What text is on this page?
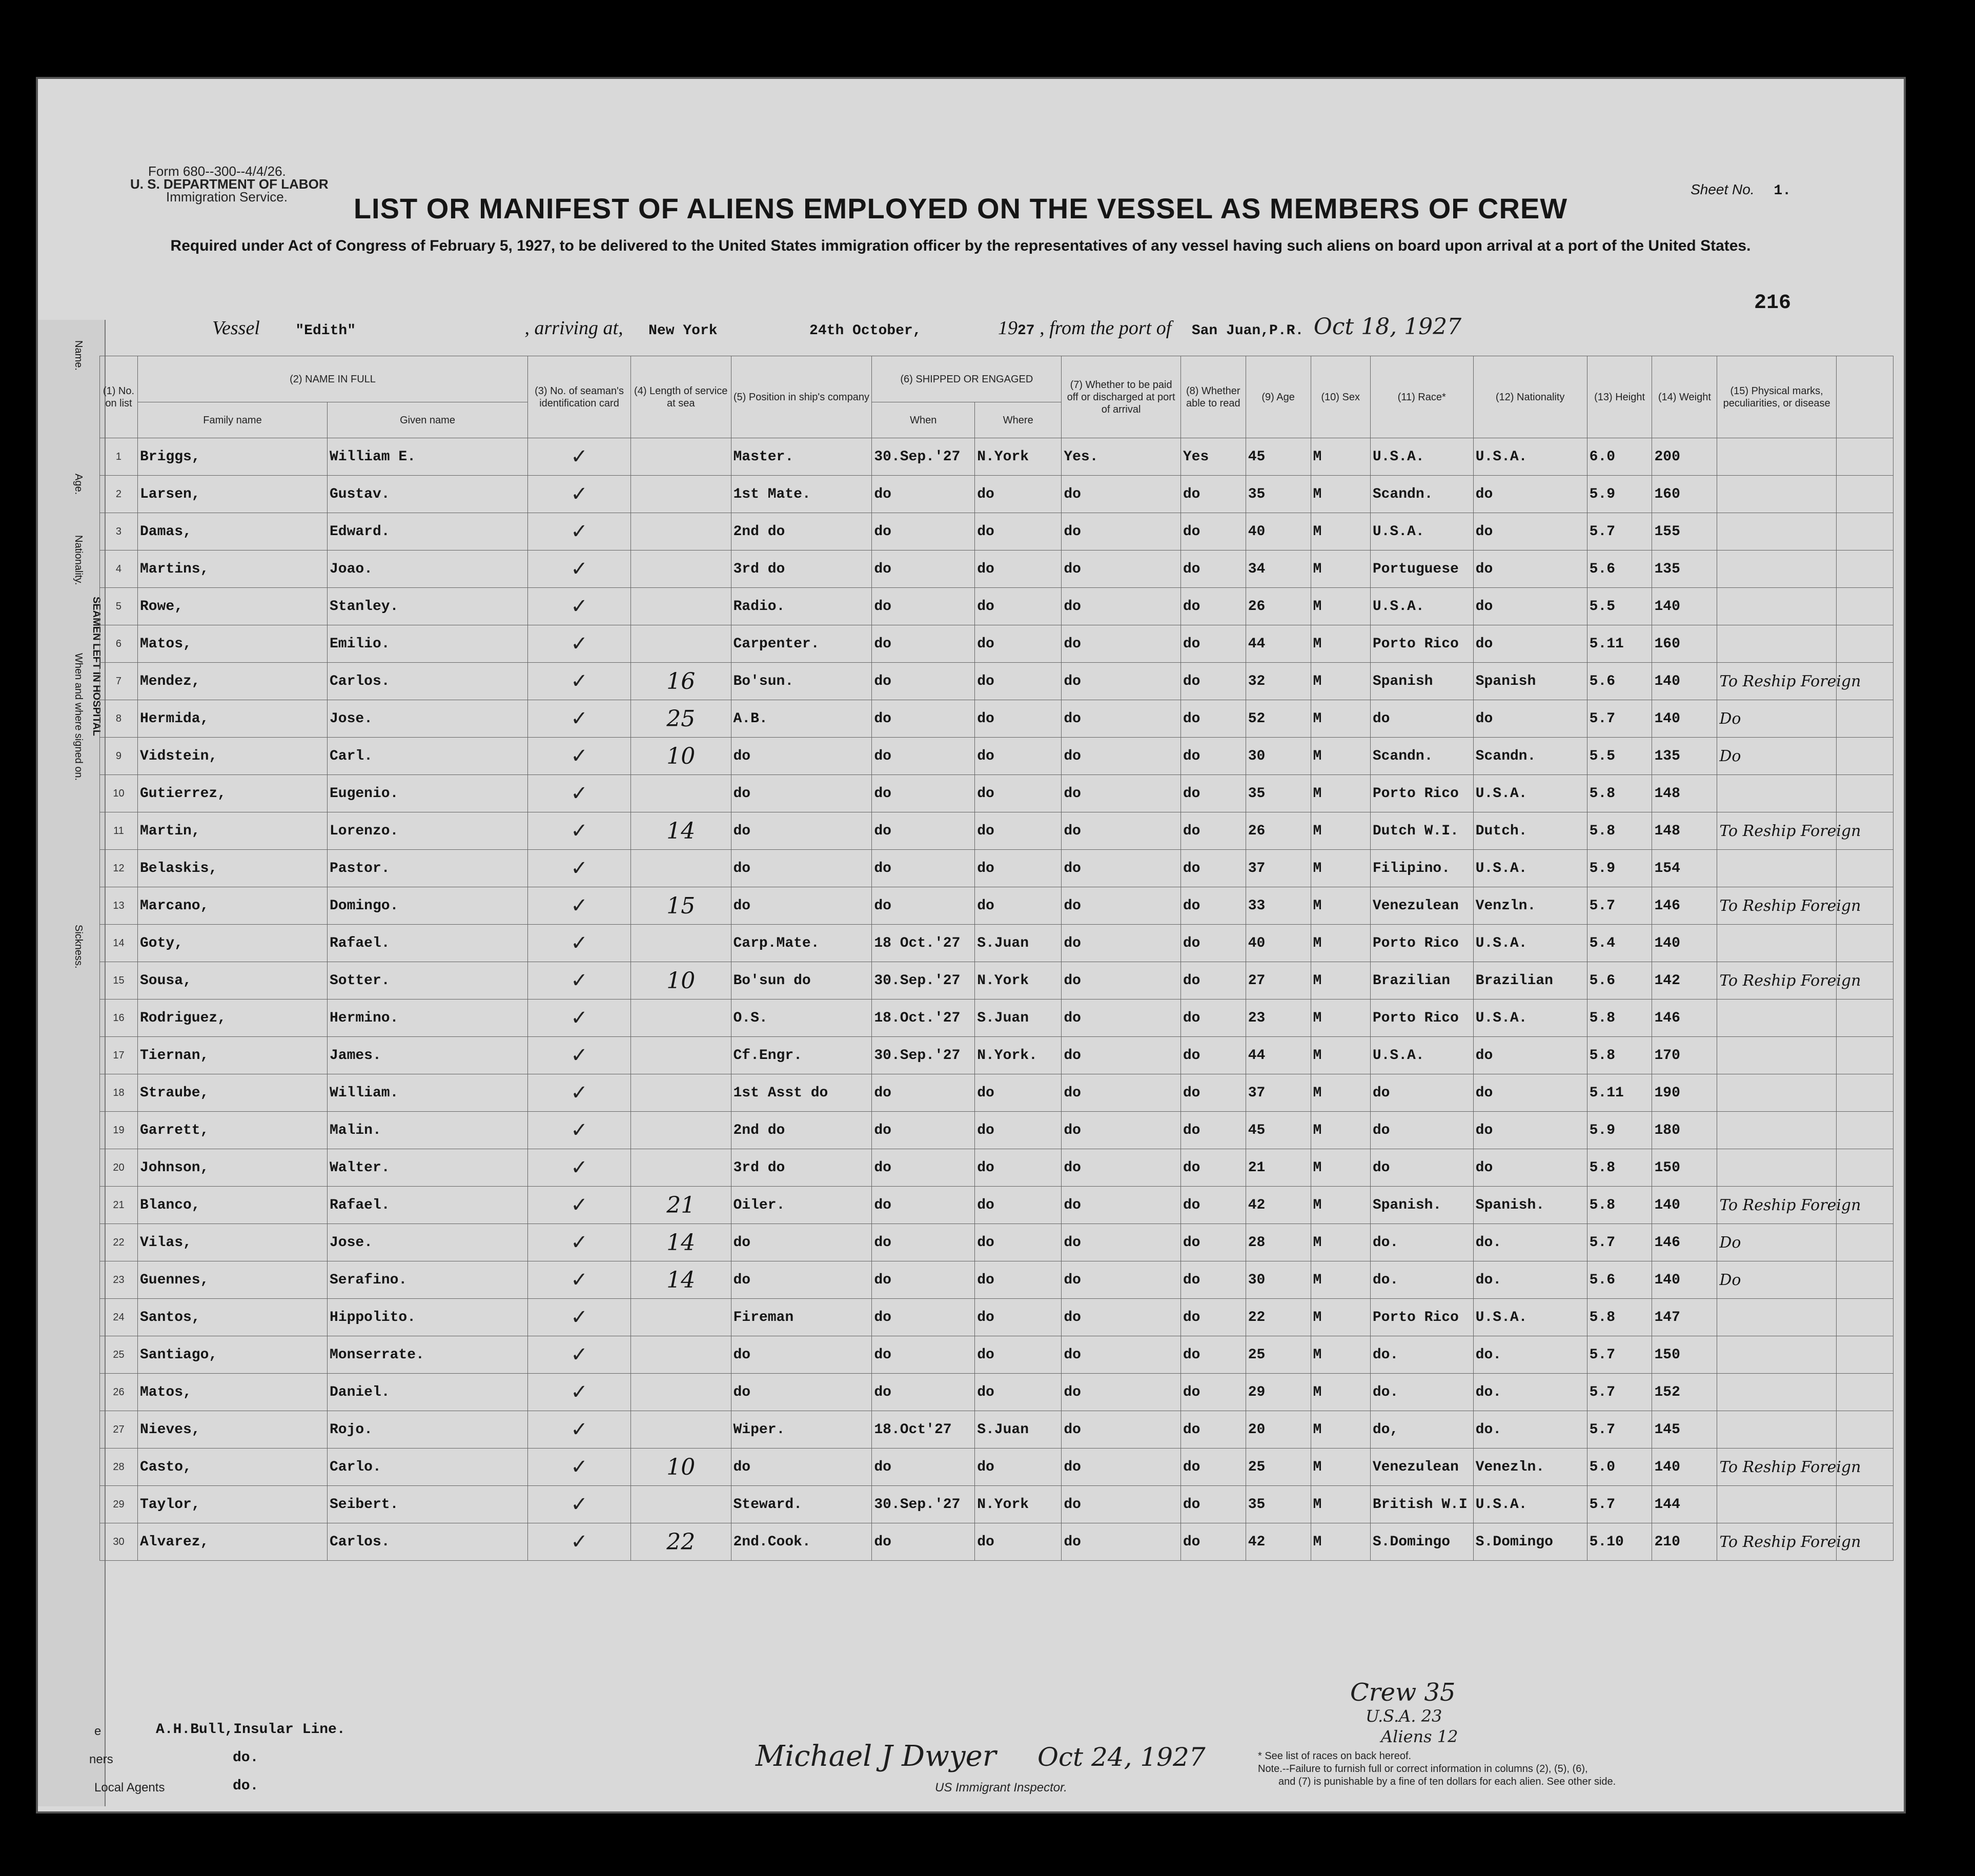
Name.
Age.
Nationality.
When and where signed on.
Sickness.
SEAMEN LEFT IN HOSPITAL
Form 680--300--4/4/26.
U. S. DEPARTMENT OF LABOR
Immigration Service.	Sheet No. 1.
LIST OR MANIFEST OF ALIENS EMPLOYED ON THE VESSEL AS MEMBERS OF CREW
Required under Act of Congress of February 5, 1927, to be delivered to the United States immigration officer by the representatives of any vessel having such aliens on board upon arrival at a port of the United States.
216
Vessel "Edith"	, arriving at, New York	24th October,	1927 , from the port of San Juan,P.R. Oct 18, 1927
(1) No. on list	(2) NAME IN FULL		(3) No. of seaman's identification card	(4) Length of service at sea	(5) Position in ship's company	(6) SHIPPED OR ENGAGED		(7) Whether to be paid off or discharged at port of arrival	(8) Whether able to read	(9) Age	(10) Sex	(11) Race*	(12) Nationality	(13) Height	(14) Weight	(15) Physical marks, peculiarities, or disease	
	Family name	Given name				When	Where										
1	Briggs,	William E.	✓		Master.	30.Sep.'27	N.York	Yes.	Yes	45	M	U.S.A.	U.S.A.	6.0	200		
2	Larsen,	Gustav.	✓		1st Mate.	do	do	do	do	35	M	Scandn.	do	5.9	160		
3	Damas,	Edward.	✓		2nd do	do	do	do	do	40	M	U.S.A.	do	5.7	155		
4	Martins,	Joao.	✓		3rd do	do	do	do	do	34	M	Portuguese	do	5.6	135		
5	Rowe,	Stanley.	✓		Radio.	do	do	do	do	26	M	U.S.A.	do	5.5	140		
6	Matos,	Emilio.	✓		Carpenter.	do	do	do	do	44	M	Porto Rico	do	5.11	160		
7	Mendez,	Carlos.	✓	16	Bo'sun.	do	do	do	do	32	M	Spanish	Spanish	5.6	140	To Reship Foreign	
8	Hermida,	Jose.	✓	25	A.B.	do	do	do	do	52	M	do	do	5.7	140	Do	
9	Vidstein,	Carl.	✓	10	do	do	do	do	do	30	M	Scandn.	Scandn.	5.5	135	Do	
10	Gutierrez,	Eugenio.	✓		do	do	do	do	do	35	M	Porto Rico	U.S.A.	5.8	148		
11	Martin,	Lorenzo.	✓	14	do	do	do	do	do	26	M	Dutch W.I.	Dutch.	5.8	148	To Reship Foreign	
12	Belaskis,	Pastor.	✓		do	do	do	do	do	37	M	Filipino.	U.S.A.	5.9	154		
13	Marcano,	Domingo.	✓	15	do	do	do	do	do	33	M	Venezulean	Venzln.	5.7	146	To Reship Foreign	
14	Goty,	Rafael.	✓		Carp.Mate.	18 Oct.'27	S.Juan	do	do	40	M	Porto Rico	U.S.A.	5.4	140		
15	Sousa,	Sotter.	✓	10	Bo'sun do	30.Sep.'27	N.York	do	do	27	M	Brazilian	Brazilian	5.6	142	To Reship Foreign	
16	Rodriguez,	Hermino.	✓		O.S.	18.Oct.'27	S.Juan	do	do	23	M	Porto Rico	U.S.A.	5.8	146		
17	Tiernan,	James.	✓		Cf.Engr.	30.Sep.'27	N.York.	do	do	44	M	U.S.A.	do	5.8	170		
18	Straube,	William.	✓		1st Asst do	do	do	do	do	37	M	do	do	5.11	190		
19	Garrett,	Malin.	✓		2nd do	do	do	do	do	45	M	do	do	5.9	180		
20	Johnson,	Walter.	✓		3rd do	do	do	do	do	21	M	do	do	5.8	150		
21	Blanco,	Rafael.	✓	21	Oiler.	do	do	do	do	42	M	Spanish.	Spanish.	5.8	140	To Reship Foreign	
22	Vilas,	Jose.	✓	14	do	do	do	do	do	28	M	do.	do.	5.7	146	Do	
23	Guennes,	Serafino.	✓	14	do	do	do	do	do	30	M	do.	do.	5.6	140	Do	
24	Santos,	Hippolito.	✓		Fireman	do	do	do	do	22	M	Porto Rico	U.S.A.	5.8	147		
25	Santiago,	Monserrate.	✓		do	do	do	do	do	25	M	do.	do.	5.7	150		
26	Matos,	Daniel.	✓		do	do	do	do	do	29	M	do.	do.	5.7	152		
27	Nieves,	Rojo.	✓		Wiper.	18.Oct'27	S.Juan	do	do	20	M	do,	do.	5.7	145		
28	Casto,	Carlo.	✓	10	do	do	do	do	do	25	M	Venezulean	Venezln.	5.0	140	To Reship Foreign	
29	Taylor,	Seibert.	✓		Steward.	30.Sep.'27	N.York	do	do	35	M	British W.I	U.S.A.	5.7	144		
30	Alvarez,	Carlos.	✓	22	2nd.Cook.	do	do	do	do	42	M	S.Domingo	S.Domingo	5.10	210	To Reship Foreign	
e	A.H.Bull,Insular Line.
ners	do.
Local Agents	do.
Michael J Dwyer Oct 24, 1927
US Immigrant Inspector.
Crew 35
U.S.A. 23
Aliens 12
* See list of races on back hereof.
Note.--Failure to furnish full or correct information in columns (2), (5), (6),
and (7) is punishable by a fine of ten dollars for each alien. See other side.
